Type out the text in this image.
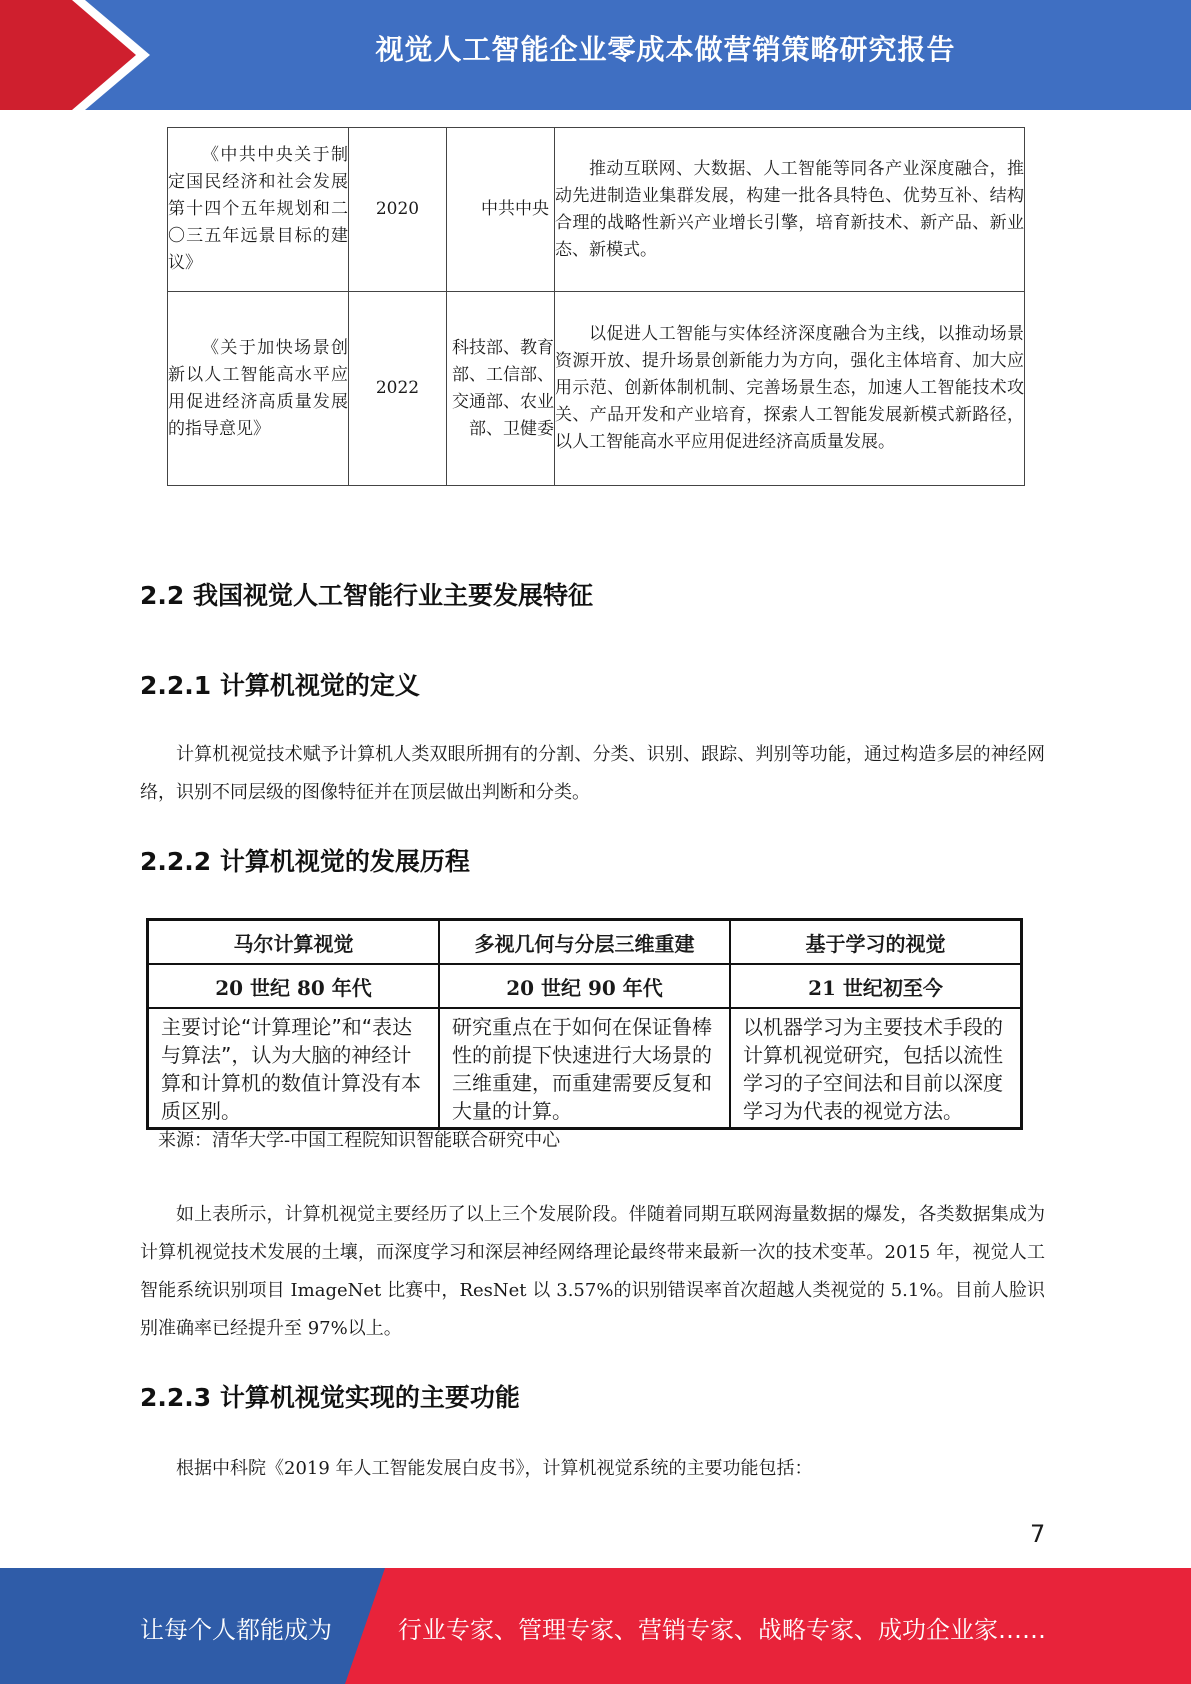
视觉人工智能企业零成本做营销策略研究报告
《中共中央关于制定国民经济和社会发展第十四个五年规划和二〇三五年远景目标的建议》	2020	中共中央	推动互联网、大数据、人工智能等同各产业深度融合，推动先进制造业集群发展，构建一批各具特色、优势互补、结构合理的战略性新兴产业增长引擎，培育新技术、新产品、新业态、新模式。
《关于加快场景创新以人工智能高水平应用促进经济高质量发展的指导意见》	2022	科技部、教育部、工信部、交通部、农业部、卫健委	以促进人工智能与实体经济深度融合为主线，以推动场景资源开放、提升场景创新能力为方向，强化主体培育、加大应用示范、创新体制机制、完善场景生态，加速人工智能技术攻关、产品开发和产业培育，探索人工智能发展新模式新路径，以人工智能高水平应用促进经济高质量发展。
2.2 我国视觉人工智能行业主要发展特征
2.2.1 计算机视觉的定义
计算机视觉技术赋予计算机人类双眼所拥有的分割、分类、识别、跟踪、判别等功能，通过构造多层的神经网络，识别不同层级的图像特征并在顶层做出判断和分类。
2.2.2 计算机视觉的发展历程
马尔计算视觉	多视几何与分层三维重建	基于学习的视觉
20 世纪 80 年代	20 世纪 90 年代	21 世纪初至今
主要讨论“计算理论”和“表达与算法”，认为大脑的神经计算和计算机的数值计算没有本质区别。	研究重点在于如何在保证鲁棒性的前提下快速进行大场景的三维重建，而重建需要反复和大量的计算。	以机器学习为主要技术手段的计算机视觉研究，包括以流性学习的子空间法和目前以深度学习为代表的视觉方法。
来源：清华大学-中国工程院知识智能联合研究中心
如上表所示，计算机视觉主要经历了以上三个发展阶段。伴随着同期互联网海量数据的爆发，各类数据集成为计算机视觉技术发展的土壤，而深度学习和深层神经网络理论最终带来最新一次的技术变革。2015 年，视觉人工智能系统识别项目 ImageNet 比赛中，ResNet 以 3.57%的识别错误率首次超越人类视觉的 5.1%。目前人脸识别准确率已经提升至 97%以上。
2.2.3 计算机视觉实现的主要功能
根据中科院《2019 年人工智能发展白皮书》，计算机视觉系统的主要功能包括：
7
让每个人都能成为	行业专家、管理专家、营销专家、战略专家、成功企业家……
